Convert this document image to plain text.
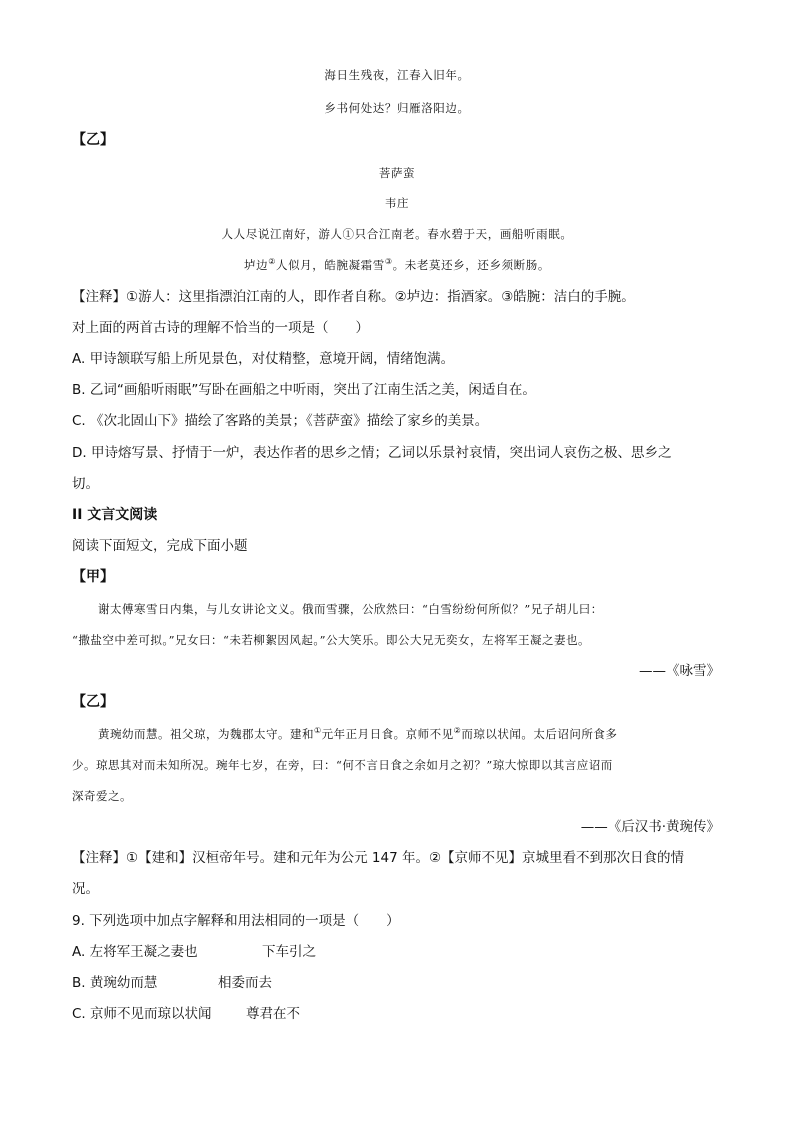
海日生残夜，江春入旧年。

乡书何处达？归雁洛阳边。

【乙】

菩萨蛮

韦庄

人人尽说江南好，游人①只合江南老。春水碧于天，画船听雨眠。

垆边②人似月，皓腕凝霜雪③。未老莫还乡，还乡须断肠。

【注释】①游人：这里指漂泊江南的人，即作者自称。②垆边：指酒家。③皓腕：洁白的手腕。

对上面的两首古诗的理解不恰当的一项是（　　）

A. 甲诗颔联写船上所见景色，对仗精整，意境开阔，情绪饱满。

B. 乙词“画船听雨眠”写卧在画船之中听雨，突出了江南生活之美，闲适自在。

C. 《次北固山下》描绘了客路的美景；《菩萨蛮》描绘了家乡的美景。

D. 甲诗熔写景、抒情于一炉，表达作者的思乡之情；乙词以乐景衬哀情，突出词人哀伤之极、思乡之

切。

II 文言文阅读

阅读下面短文，完成下面小题

【甲】

谢太傅寒雪日内集，与儿女讲论文义。俄而雪骤，公欣然曰：“白雪纷纷何所似？”兄子胡儿曰：

“撒盐空中差可拟。”兄女曰：“未若柳絮因风起。”公大笑乐。即公大兄无奕女，左将军王凝之妻也。

——《咏雪》

【乙】

黄琬幼而慧。祖父琼，为魏郡太守。建和①元年正月日食。京师不见②而琼以状闻。太后诏问所食多

少。琼思其对而未知所况。琬年七岁，在旁，曰：“何不言日食之余如月之初？”琼大惊即以其言应诏而

深奇爱之。

——《后汉书·黄琬传》

【注释】①【建和】汉桓帝年号。建和元年为公元 147 年。②【京师不见】京城里看不到那次日食的情

况。

9. 下列选项中加点字解释和用法相同的一项是（　　）

A. 左将军王凝之妻也	下车引之

B. 黄琬幼而慧	相委而去

C. 京师不见而琼以状闻	尊君在不
